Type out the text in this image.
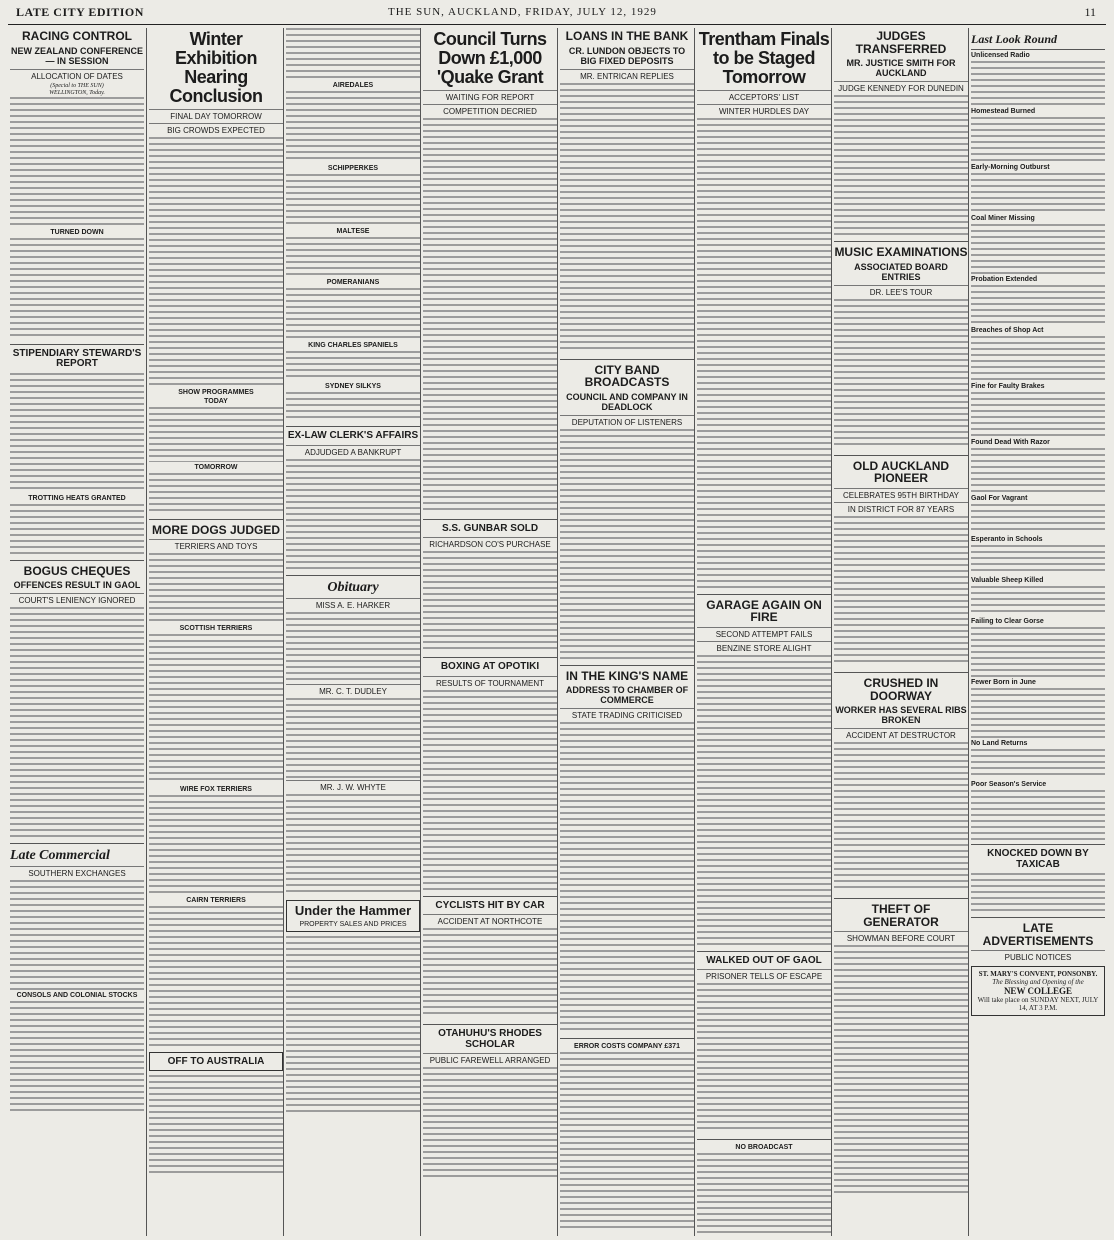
LATE CITY EDITION	THE SUN, AUCKLAND, FRIDAY, JULY 12, 1929	11
RACING CONTROL
NEW ZEALAND CONFERENCE — IN SESSION
ALLOCATION OF DATES
(Special to THE SUN)
WELLINGTON, Today.
TURNED DOWN
STIPENDIARY STEWARD'S REPORT
TROTTING HEATS GRANTED
BOGUS CHEQUES
OFFENCES RESULT IN GAOL
COURT'S LENIENCY IGNORED
Late Commercial
SOUTHERN EXCHANGES
CONSOLS AND COLONIAL STOCKS
Winter Exhibition Nearing Conclusion
FINAL DAY TOMORROW
BIG CROWDS EXPECTED
SHOW PROGRAMMES
TODAY
TOMORROW
MORE DOGS JUDGED
TERRIERS AND TOYS
SCOTTISH TERRIERS
WIRE FOX TERRIERS
CAIRN TERRIERS
OFF TO AUSTRALIA
AIREDALES
SCHIPPERKES
MALTESE
POMERANIANS
KING CHARLES SPANIELS
SYDNEY SILKYS
EX-LAW CLERK'S AFFAIRS
ADJUDGED A BANKRUPT
Obituary
MISS A. E. HARKER
MR. C. T. DUDLEY
MR. J. W. WHYTE
Under the Hammer
PROPERTY SALES AND PRICES
Council Turns Down £1,000 'Quake Grant
WAITING FOR REPORT
COMPETITION DECRIED
S.S. GUNBAR SOLD
RICHARDSON CO'S PURCHASE
BOXING AT OPOTIKI
RESULTS OF TOURNAMENT
CYCLISTS HIT BY CAR
ACCIDENT AT NORTHCOTE
OTAHUHU'S RHODES SCHOLAR
PUBLIC FAREWELL ARRANGED
LOANS IN THE BANK
CR. LUNDON OBJECTS TO BIG FIXED DEPOSITS
MR. ENTRICAN REPLIES
CITY BAND BROADCASTS
COUNCIL AND COMPANY IN DEADLOCK
DEPUTATION OF LISTENERS
IN THE KING'S NAME
ADDRESS TO CHAMBER OF COMMERCE
STATE TRADING CRITICISED
ERROR COSTS COMPANY £371
Trentham Finals to be Staged Tomorrow
ACCEPTORS' LIST
WINTER HURDLES DAY
GARAGE AGAIN ON FIRE
SECOND ATTEMPT FAILS
BENZINE STORE ALIGHT
WALKED OUT OF GAOL
PRISONER TELLS OF ESCAPE
NO BROADCAST
JUDGES TRANSFERRED
MR. JUSTICE SMITH FOR AUCKLAND
JUDGE KENNEDY FOR DUNEDIN
MUSIC EXAMINATIONS
ASSOCIATED BOARD ENTRIES
DR. LEE'S TOUR
OLD AUCKLAND PIONEER
CELEBRATES 95TH BIRTHDAY
IN DISTRICT FOR 87 YEARS
CRUSHED IN DOORWAY
WORKER HAS SEVERAL RIBS BROKEN
ACCIDENT AT DESTRUCTOR
THEFT OF GENERATOR
SHOWMAN BEFORE COURT
Last Look Round
Unlicensed Radio
Homestead Burned
Early-Morning Outburst
Coal Miner Missing
Probation Extended
Breaches of Shop Act
Fine for Faulty Brakes
Found Dead With Razor
Gaol For Vagrant
Esperanto in Schools
Valuable Sheep Killed
Failing to Clear Gorse
Fewer Born in June
No Land Returns
Poor Season's Service
KNOCKED DOWN BY TAXICAB
LATE ADVERTISEMENTS
PUBLIC NOTICES
ST. MARY'S CONVENT, PONSONBY.
The Blessing and Opening of the
NEW COLLEGE
Will take place on SUNDAY NEXT, JULY 14, AT 3 P.M.
